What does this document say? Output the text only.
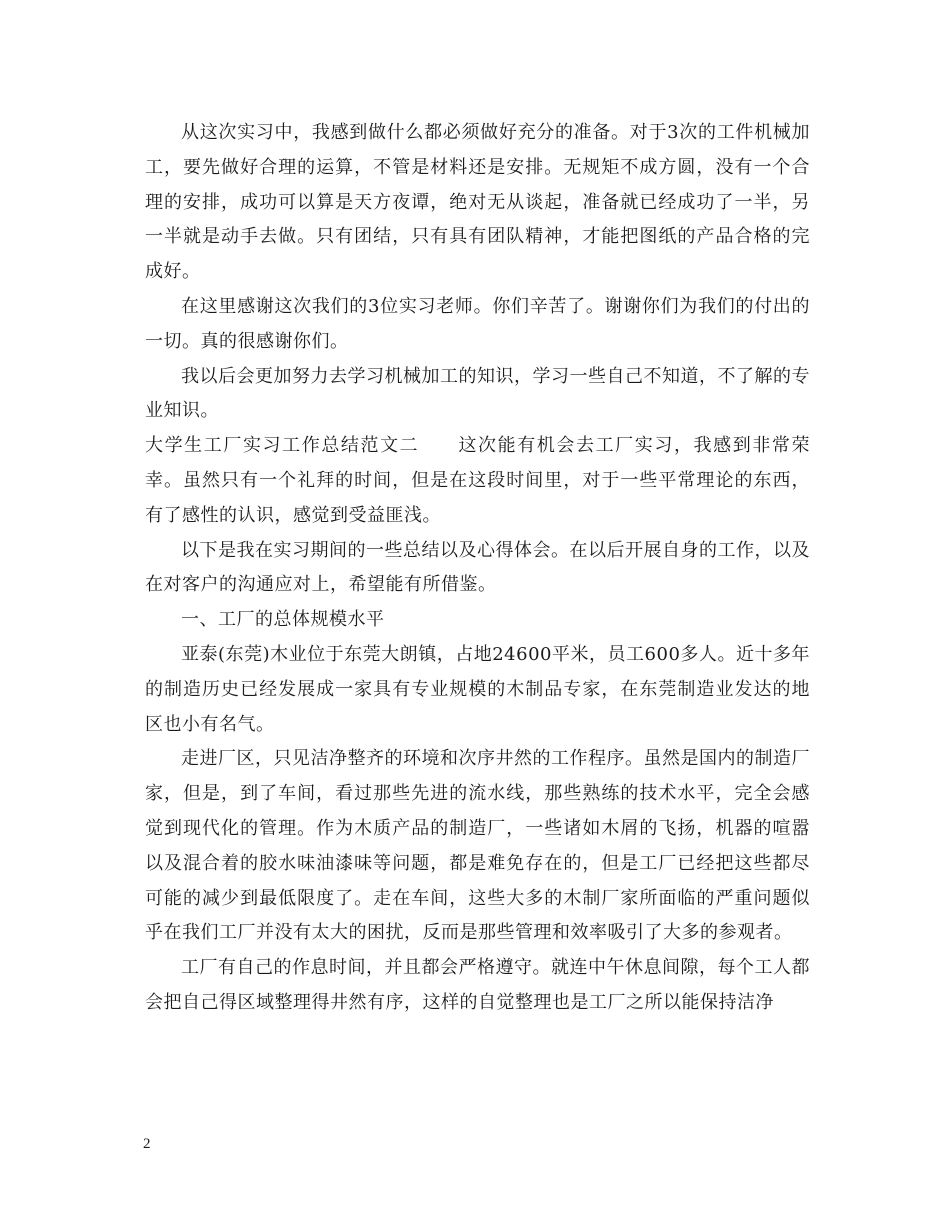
从这次实习中，我感到做什么都必须做好充分的准备。对于3次的工件机械加工，要先做好合理的运算，不管是材料还是安排。无规矩不成方圆，没有一个合理的安排，成功可以算是天方夜谭，绝对无从谈起，准备就已经成功了一半，另一半就是动手去做。只有团结，只有具有团队精神，才能把图纸的产品合格的完成好。

在这里感谢这次我们的3位实习老师。你们辛苦了。谢谢你们为我们的付出的一切。真的很感谢你们。

我以后会更加努力去学习机械加工的知识，学习一些自己不知道，不了解的专业知识。

大学生工厂实习工作总结范文二　　这次能有机会去工厂实习，我感到非常荣幸。虽然只有一个礼拜的时间，但是在这段时间里，对于一些平常理论的东西，有了感性的认识，感觉到受益匪浅。

以下是我在实习期间的一些总结以及心得体会。在以后开展自身的工作，以及在对客户的沟通应对上，希望能有所借鉴。

一、工厂的总体规模水平

亚泰(东莞)木业位于东莞大朗镇，占地24600平米，员工600多人。近十多年的制造历史已经发展成一家具有专业规模的木制品专家，在东莞制造业发达的地区也小有名气。

走进厂区，只见洁净整齐的环境和次序井然的工作程序。虽然是国内的制造厂家，但是，到了车间，看过那些先进的流水线，那些熟练的技术水平，完全会感觉到现代化的管理。作为木质产品的制造厂，一些诸如木屑的飞扬，机器的喧嚣以及混合着的胶水味油漆味等问题，都是难免存在的，但是工厂已经把这些都尽可能的减少到最低限度了。走在车间，这些大多的木制厂家所面临的严重问题似乎在我们工厂并没有太大的困扰，反而是那些管理和效率吸引了大多的参观者。

工厂有自己的作息时间，并且都会严格遵守。就连中午休息间隙，每个工人都会把自己得区域整理得井然有序，这样的自觉整理也是工厂之所以能保持洁净

2
